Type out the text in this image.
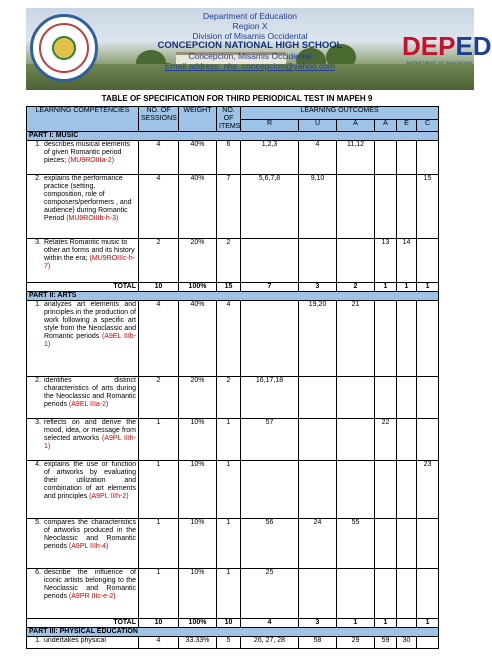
Department of Education
Region X
Division of Misamis Occidental
CONCEPCION NATIONAL HIGH SCHOOL
Concepcion, Misamis Occidental
Email address: nhs_concepcion@yahoo.com
DEPED
DEPARTMENT OF EDUCATION
TABLE OF SPECIFICATION FOR THIRD PERIODICAL TEST IN MAPEH 9
LEARNING COMPETENCIES	NO. OF SESSIONS	WEIGHT	NO. OF ITEMS	LEARNING OUTCOMES					
				R	U	A	A	E	C
PART I: MUSIC									

1. describes musical elements of given Romantic period pieces; (MU9ROIIIa-2)	4	40%	6	1,2,3	4	11,12			

2. explains the performance practice (setting, composition, role of composers/performers , and audience) during Romantic Period (MU9ROIIIb-h-3)	4	40%	7	5,6,7,8	9,10				15

3. Relates Romantic music to other art forms and its history within the era; (MU9ROIIIc-h-7)	2	20%	2				13	14	
TOTAL	10	100%	15	7	3	2	1	1	1
PART II: ARTS									

1. analyzes art elements and principles in the production of work following a specific art style from the Neoclassic and Romantic periods (A9EL IIIb-1)	4	40%	4		19,20	21			

2. identifies distinct characteristics of arts during the Neoclassic and Romantic periods (A9EL IIIa-2)	2	20%	2	16,17,18					

3. reflects on and derive the mood, idea, or message from selected artworks (A9PL IIIh-1)	1	10%	1	57			22		

4. explains the use or function of artworks by evaluating their utilization and combination of art elements and principles (A9PL IIIh-2)	1	10%	1						23

5. compares the characteristics of artworks produced in the Neoclassic and Romantic periods (A9PL IIIh-4)	1	10%	1	56	24	55			

6. describe the influence of iconic artists belonging to the Neoclassic and Romantic periods (A9PR IIIc-e-2)	1	10%	1	25					
TOTAL	10	100%	10	4	3	1	1		1
PART III: PHYSICAL EDUCATION									

1. undertakes physical	4	33.33%	5	26, 27, 28	58	29	59	30	
